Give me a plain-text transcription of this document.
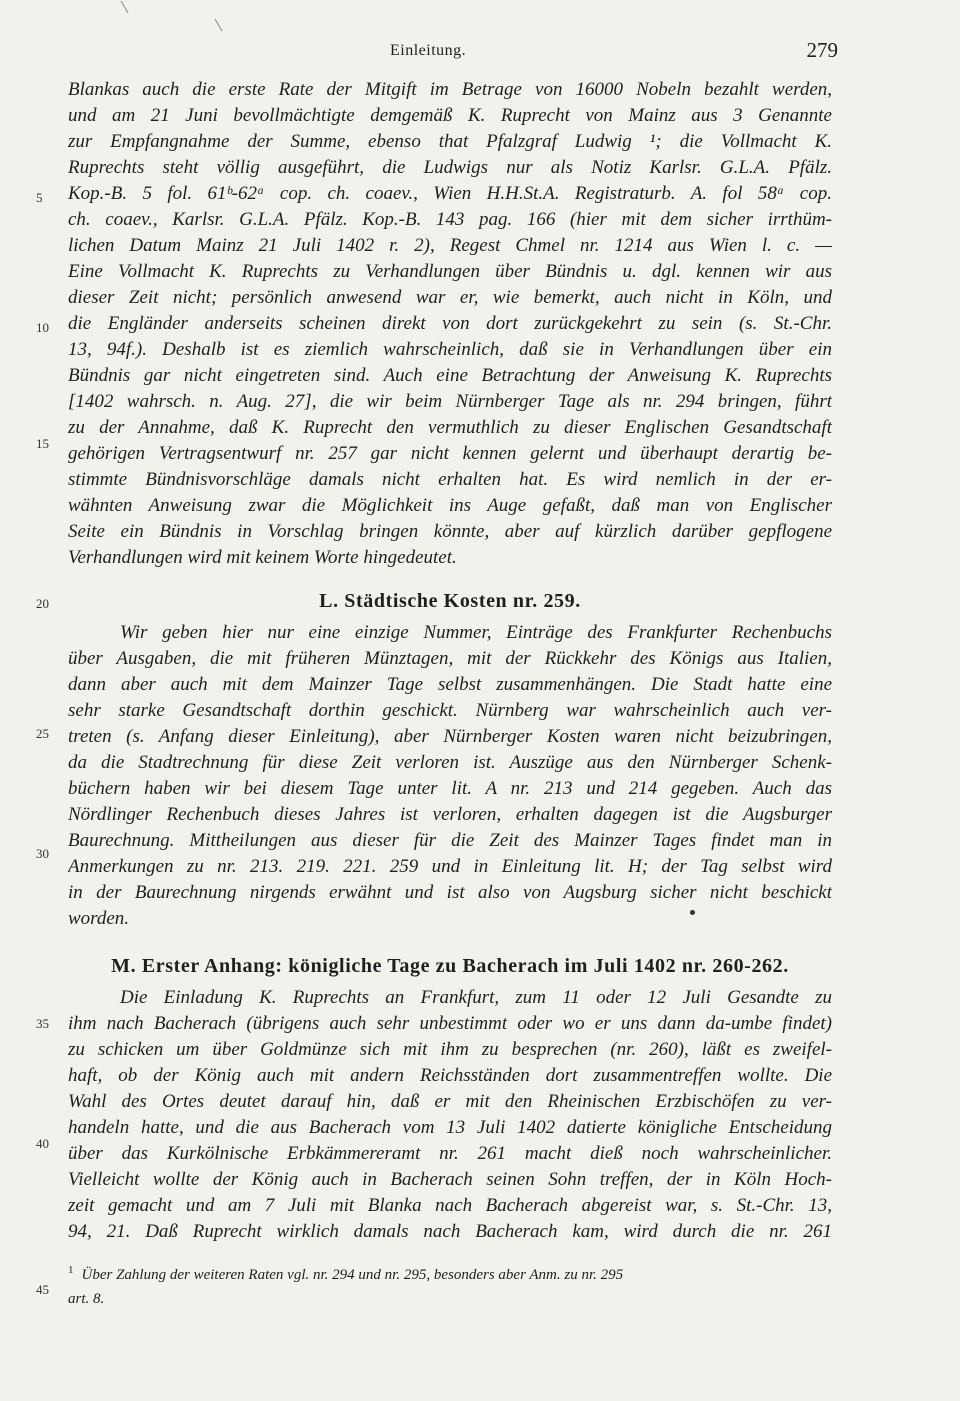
Einleitung.	279
Blankas auch die erste Rate der Mitgift im Betrage von 16000 Nobeln bezahlt werden,
und am 21 Juni bevollmächtigte demgemäß K. Ruprecht von Mainz aus 3 Genannte
zur Empfangnahme der Summe, ebenso that Pfalzgraf Ludwig ¹; die Vollmacht K.
Ruprechts steht völlig ausgeführt, die Ludwigs nur als Notiz Karlsr. G.L.A. Pfälz.
Kop.-B. 5 fol. 61ᵇ-62ᵃ cop. ch. coaev., Wien H.H.St.A. Registraturb. A. fol 58ᵃ cop.
ch. coaev., Karlsr. G.L.A. Pfälz. Kop.-B. 143 pag. 166 (hier mit dem sicher irrthüm-
lichen Datum Mainz 21 Juli 1402 r. 2), Regest Chmel nr. 1214 aus Wien l. c. —
Eine Vollmacht K. Ruprechts zu Verhandlungen über Bündnis u. dgl. kennen wir aus
dieser Zeit nicht; persönlich anwesend war er, wie bemerkt, auch nicht in Köln, und
die Engländer anderseits scheinen direkt von dort zurückgekehrt zu sein (s. St.-Chr.
13, 94f.). Deshalb ist es ziemlich wahrscheinlich, daß sie in Verhandlungen über ein
Bündnis gar nicht eingetreten sind. Auch eine Betrachtung der Anweisung K. Ruprechts
[1402 wahrsch. n. Aug. 27], die wir beim Nürnberger Tage als nr. 294 bringen, führt
zu der Annahme, daß K. Ruprecht den vermuthlich zu dieser Englischen Gesandtschaft
gehörigen Vertragsentwurf nr. 257 gar nicht kennen gelernt und überhaupt derartig be-
stimmte Bündnisvorschläge damals nicht erhalten hat. Es wird nemlich in der er-
wähnten Anweisung zwar die Möglichkeit ins Auge gefaßt, daß man von Englischer
Seite ein Bündnis in Vorschlag bringen könnte, aber auf kürzlich darüber gepflogene
Verhandlungen wird mit keinem Worte hingedeutet.
L. Städtische Kosten nr. 259.
Wir geben hier nur eine einzige Nummer, Einträge des Frankfurter Rechenbuchs
über Ausgaben, die mit früheren Münztagen, mit der Rückkehr des Königs aus Italien,
dann aber auch mit dem Mainzer Tage selbst zusammenhängen. Die Stadt hatte eine
sehr starke Gesandtschaft dorthin geschickt. Nürnberg war wahrscheinlich auch ver-
treten (s. Anfang dieser Einleitung), aber Nürnberger Kosten waren nicht beizubringen,
da die Stadtrechnung für diese Zeit verloren ist. Auszüge aus den Nürnberger Schenk-
büchern haben wir bei diesem Tage unter lit. A nr. 213 und 214 gegeben. Auch das
Nördlinger Rechenbuch dieses Jahres ist verloren, erhalten dagegen ist die Augsburger
Baurechnung. Mittheilungen aus dieser für die Zeit des Mainzer Tages findet man in
Anmerkungen zu nr. 213. 219. 221. 259 und in Einleitung lit. H; der Tag selbst wird
in der Baurechnung nirgends erwähnt und ist also von Augsburg sicher nicht beschickt
worden.
M. Erster Anhang: königliche Tage zu Bacherach im Juli 1402 nr. 260-262.
Die Einladung K. Ruprechts an Frankfurt, zum 11 oder 12 Juli Gesandte zu
ihm nach Bacherach (übrigens auch sehr unbestimmt oder wo er uns dann da-umbe findet)
zu schicken um über Goldmünze sich mit ihm zu besprechen (nr. 260), läßt es zweifel-
haft, ob der König auch mit andern Reichsständen dort zusammentreffen wollte. Die
Wahl des Ortes deutet darauf hin, daß er mit den Rheinischen Erzbischöfen zu ver-
handeln hatte, und die aus Bacherach vom 13 Juli 1402 datierte königliche Entscheidung
über das Kurkölnische Erbkämmereramt nr. 261 macht dieß noch wahrscheinlicher.
Vielleicht wollte der König auch in Bacherach seinen Sohn treffen, der in Köln Hoch-
zeit gemacht und am 7 Juli mit Blanka nach Bacherach abgereist war, s. St.-Chr. 13,
94, 21. Daß Ruprecht wirklich damals nach Bacherach kam, wird durch die nr. 261
$^1$ Über Zahlung der weiteren Raten vgl. nr. 294 und nr. 295, besonders aber Anm. zu nr. 295
art. 8.
5
10
15
20
25
30
35
40
45
